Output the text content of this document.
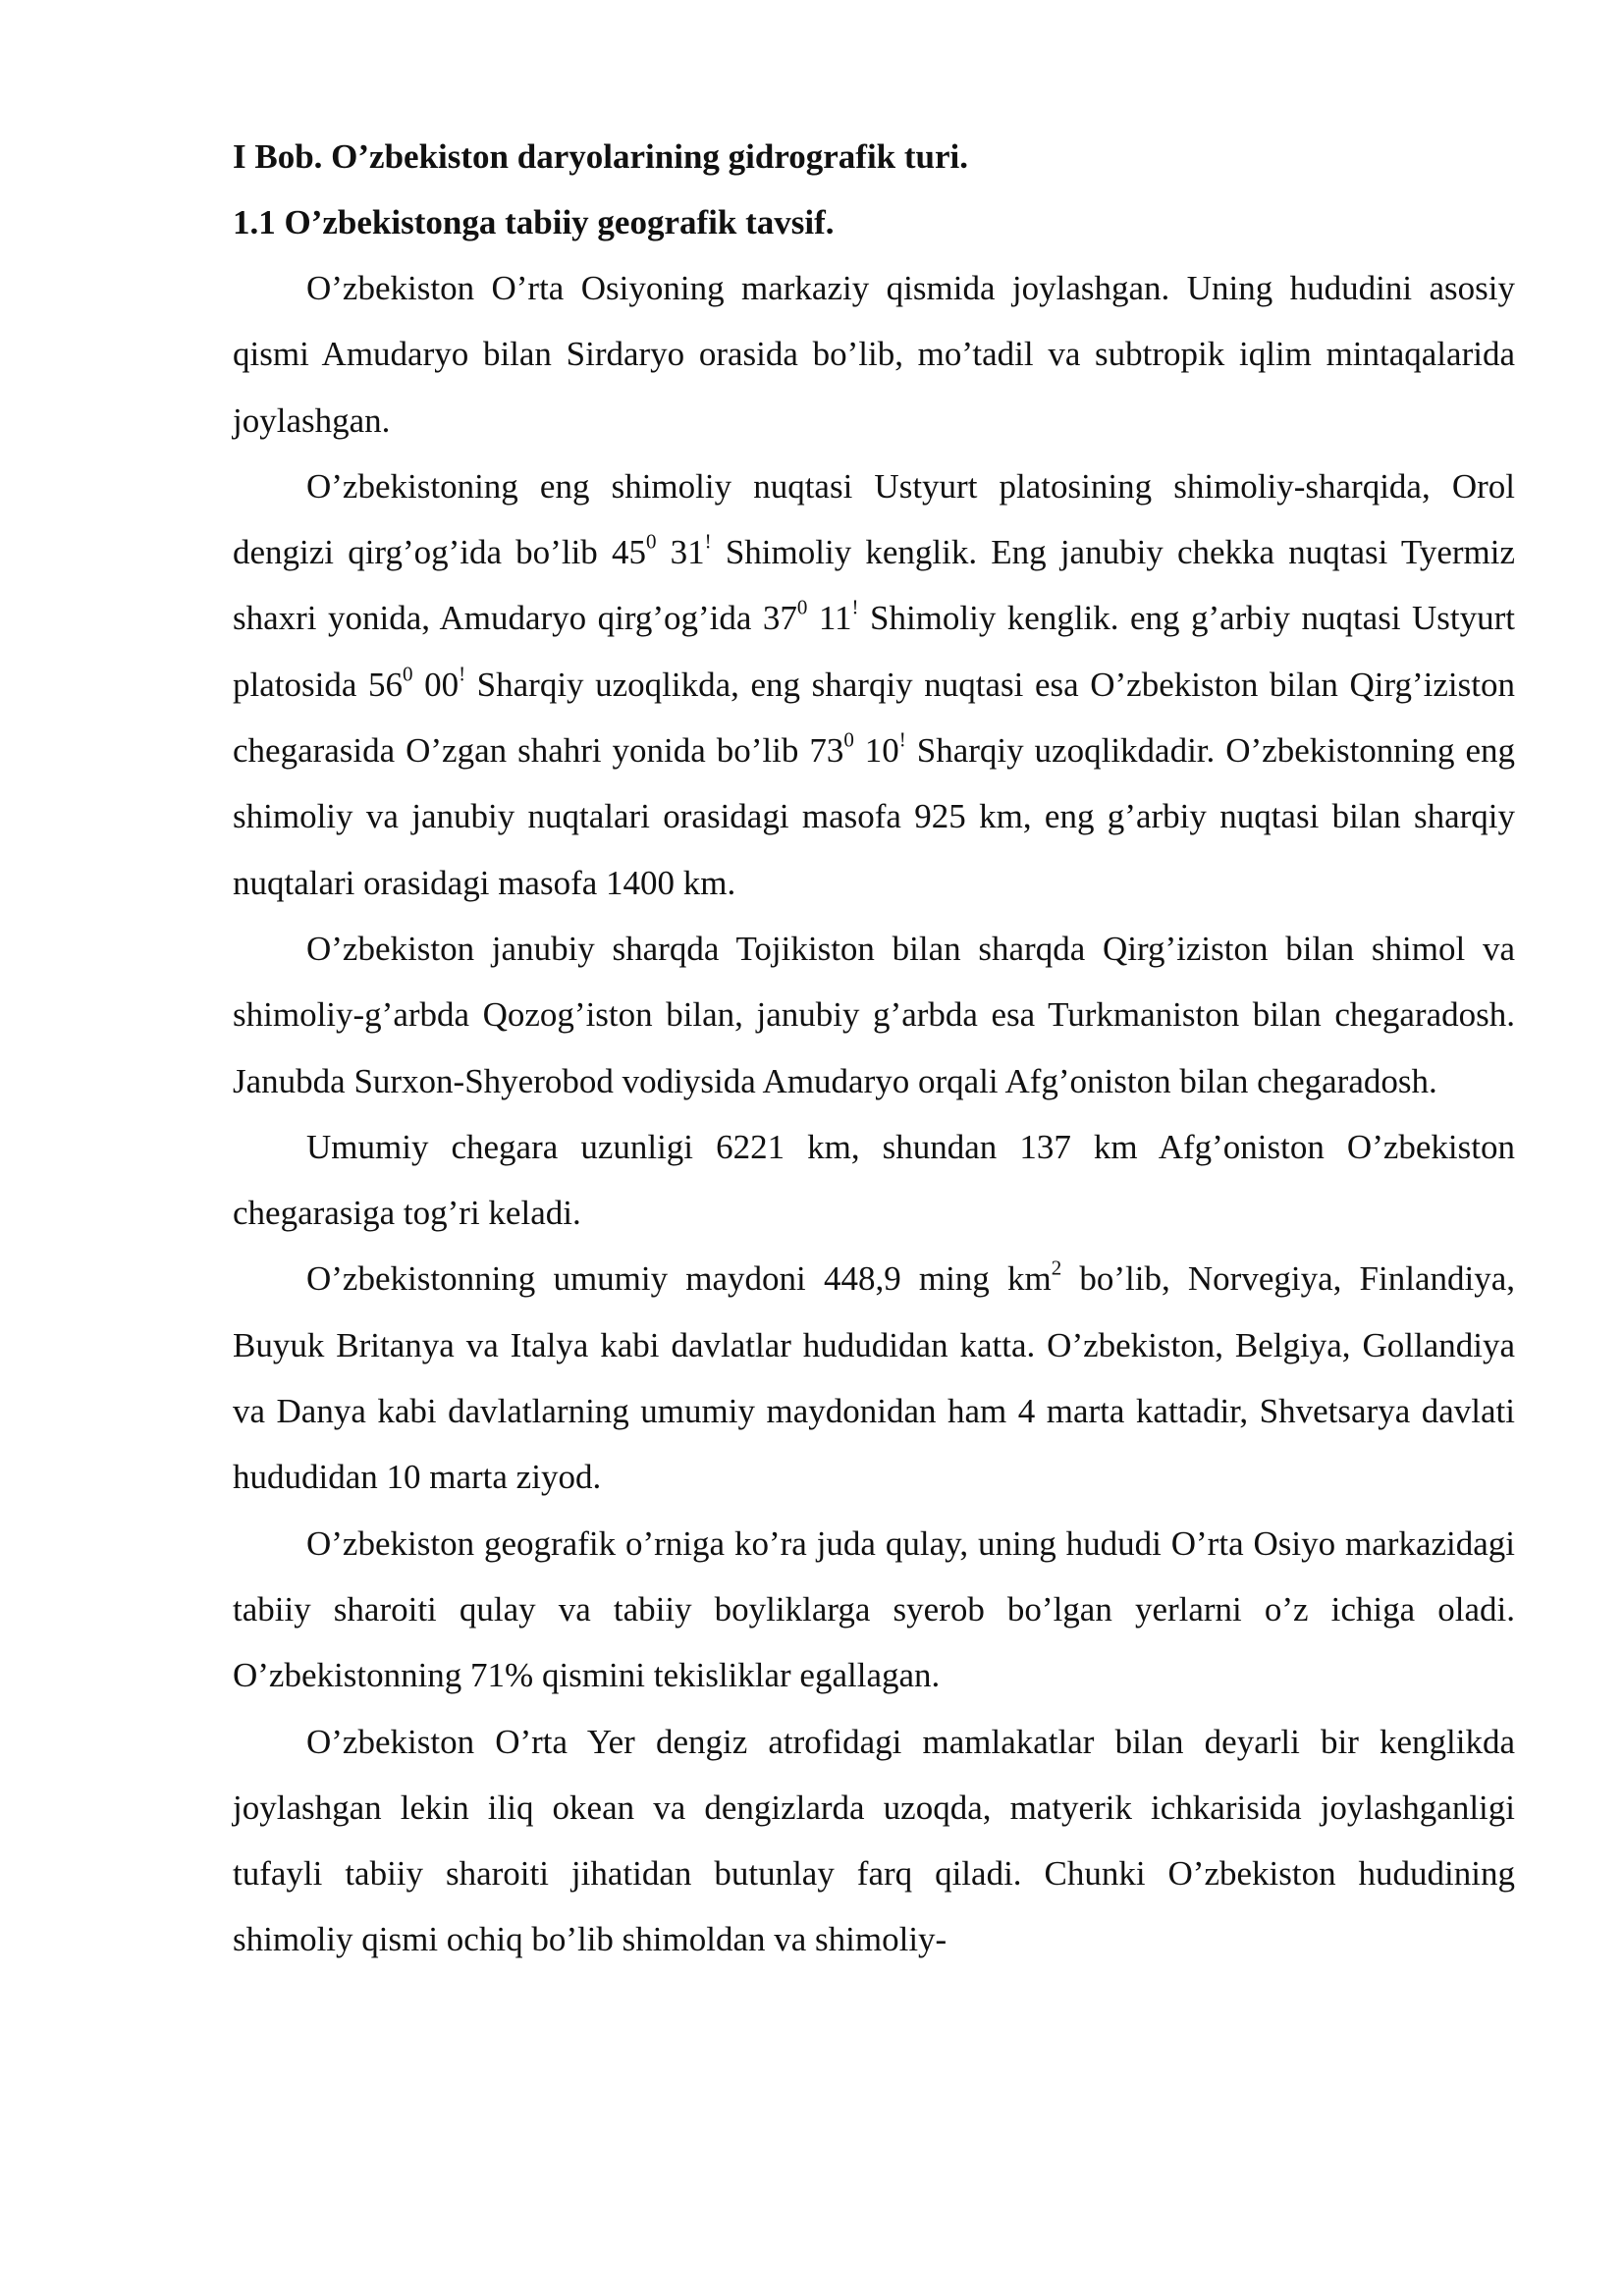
I Bob. O’zbekiston daryolarining gidrografik turi.

1.1 O’zbekistonga tabiiy geografik tavsif.

O’zbekiston O’rta Osiyoning markaziy qismida joylashgan. Uning hududini asosiy qismi Amudaryo bilan Sirdaryo orasida bo’lib, mo’tadil va subtropik iqlim mintaqalarida joylashgan.

O’zbekistoning eng shimoliy nuqtasi Ustyurt platosining shimoliy-sharqida, Orol dengizi qirg’og’ida bo’lib $45^0$ 31! Shimoliy kenglik. Eng janubiy chekka nuqtasi Tyermiz shaxri yonida, Amudaryo qirg’og’ida $37^0$ 11! Shimoliy kenglik. eng g’arbiy nuqtasi Ustyurt platosida $56^0$ 00! Sharqiy uzoqlikda, eng sharqiy nuqtasi esa O’zbekiston bilan Qirg’iziston chegarasida O’zgan shahri yonida bo’lib $73^0$ 10! Sharqiy uzoqlikdadir. O’zbekistonning eng shimoliy va janubiy nuqtalari orasidagi masofa 925 km, eng g’arbiy nuqtasi bilan sharqiy nuqtalari orasidagi masofa 1400 km.

O’zbekiston janubiy sharqda Tojikiston bilan sharqda Qirg’iziston bilan shimol va shimoliy-g’arbda Qozog’iston bilan, janubiy g’arbda esa Turkmaniston bilan chegaradosh. Janubda Surxon-Shyerobod vodiysida Amudaryo orqali Afg’oniston bilan chegaradosh.

Umumiy chegara uzunligi 6221 km, shundan 137 km Afg’oniston O’zbekiston chegarasiga tog’ri keladi.

O’zbekistonning umumiy maydoni 448,9 ming $km^2$ bo’lib, Norvegiya, Finlandiya, Buyuk Britanya va Italya kabi davlatlar hududidan katta. O’zbekiston, Belgiya, Gollandiya va Danya kabi davlatlarning umumiy maydonidan ham 4 marta kattadir, Shvetsarya davlati hududidan 10 marta ziyod.

O’zbekiston geografik o’rniga ko’ra juda qulay, uning hududi O’rta Osiyo markazidagi tabiiy sharoiti qulay va tabiiy boyliklarga syerob bo’lgan yerlarni o’z ichiga oladi. O’zbekistonning 71% qismini tekisliklar egallagan.

O’zbekiston O’rta Yer dengiz atrofidagi mamlakatlar bilan deyarli bir kenglikda joylashgan lekin iliq okean va dengizlarda uzoqda, matyerik ichkarisida joylashganligi tufayli tabiiy sharoiti jihatidan butunlay farq qiladi. Chunki O’zbekiston hududining shimoliy qismi ochiq bo’lib shimoldan va shimoliy-
